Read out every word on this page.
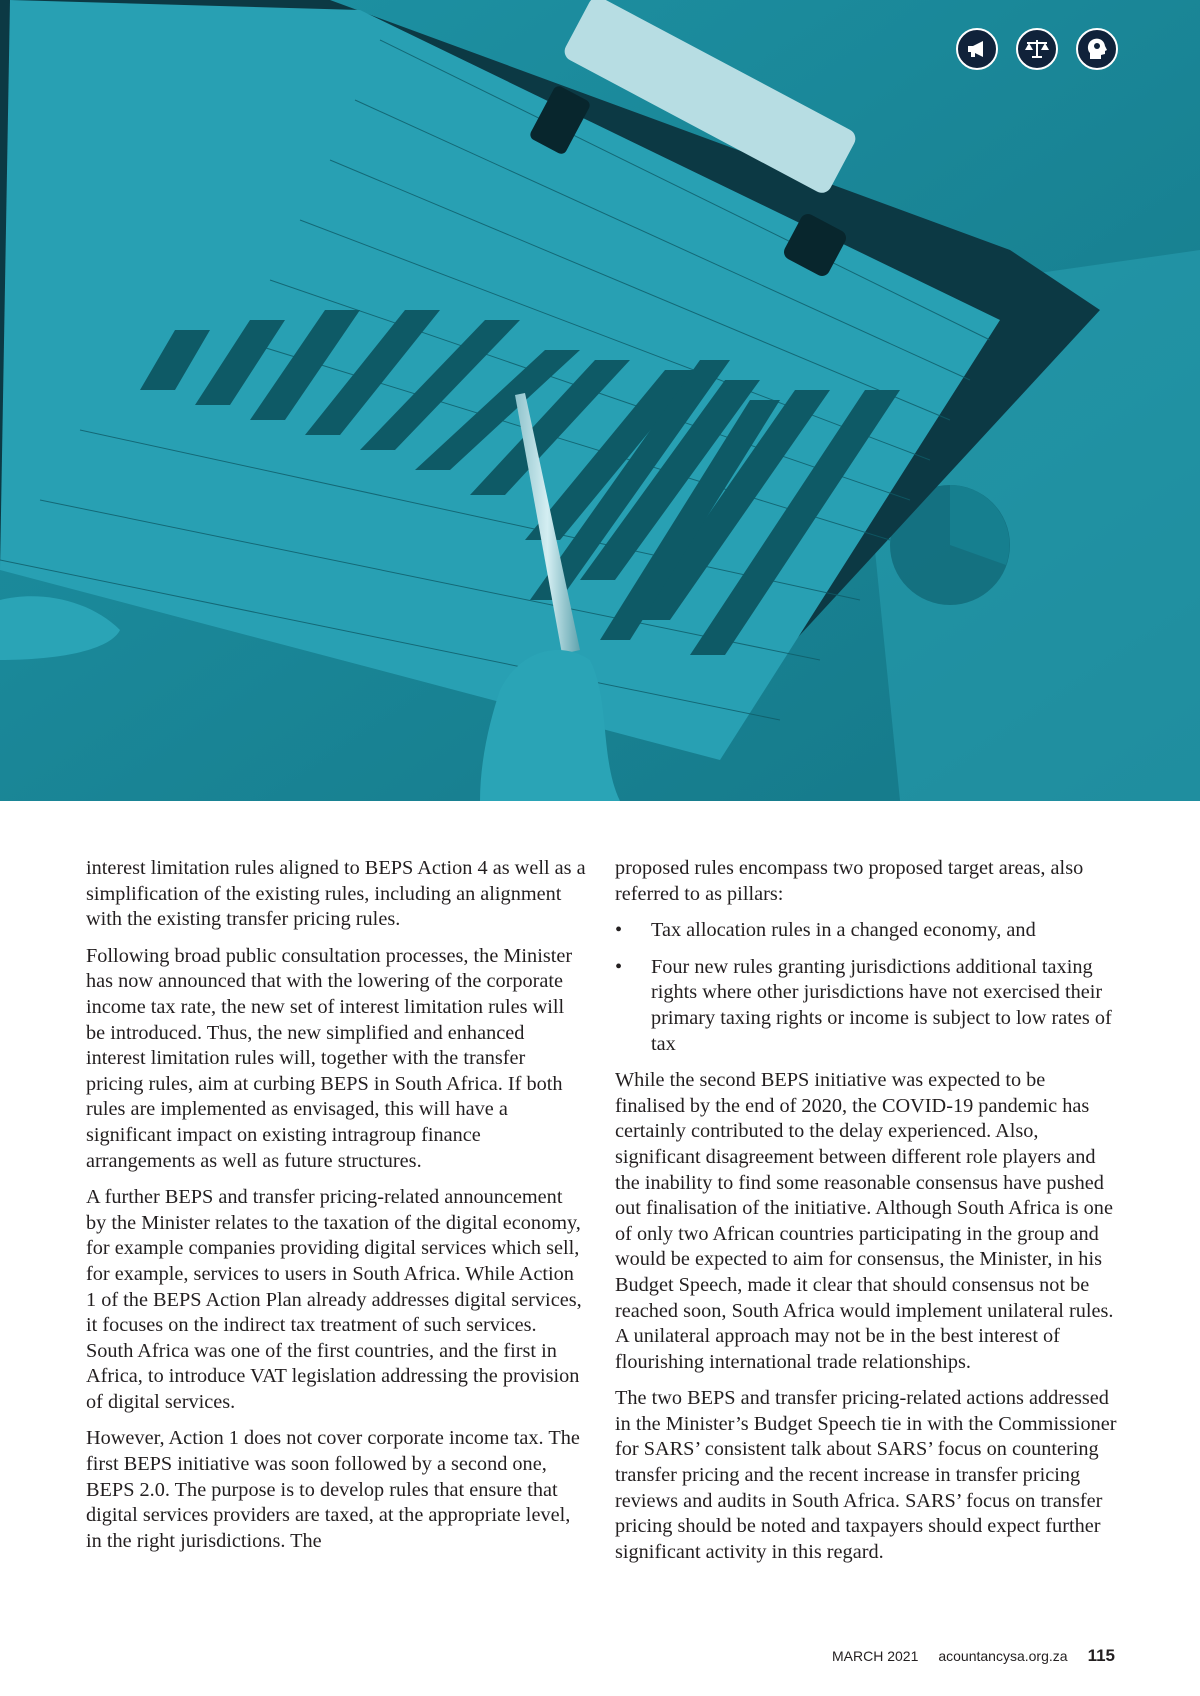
interest limitation rules aligned to BEPS Action 4 as well as a simplification of the existing rules, including an alignment with the existing transfer pricing rules.

Following broad public consultation processes, the Minister has now announced that with the lowering of the corporate income tax rate, the new set of interest limitation rules will be introduced. Thus, the new simplified and enhanced interest limitation rules will, together with the transfer pricing rules, aim at curbing BEPS in South Africa. If both rules are implemented as envisaged, this will have a significant impact on existing intragroup finance arrangements as well as future structures.

A further BEPS and transfer pricing-related announcement by the Minister relates to the taxation of the digital economy, for example companies providing digital services which sell, for example, services to users in South Africa. While Action 1 of the BEPS Action Plan already addresses digital services, it focuses on the indirect tax treatment of such services. South Africa was one of the first countries, and the first in Africa, to introduce VAT legislation addressing the provision of digital services.

However, Action 1 does not cover corporate income tax. The first BEPS initiative was soon followed by a second one, BEPS 2.0. The purpose is to develop rules that ensure that digital services providers are taxed, at the appropriate level, in the right jurisdictions. The

proposed rules encompass two proposed target areas, also referred to as pillars:

• Tax allocation rules in a changed economy, and
• Four new rules granting jurisdictions additional taxing rights where other jurisdictions have not exercised their primary taxing rights or income is subject to low rates of tax

While the second BEPS initiative was expected to be finalised by the end of 2020, the COVID-19 pandemic has certainly contributed to the delay experienced. Also, significant disagreement between different role players and the inability to find some reasonable consensus have pushed out finalisation of the initiative. Although South Africa is one of only two African countries participating in the group and would be expected to aim for consensus, the Minister, in his Budget Speech, made it clear that should consensus not be reached soon, South Africa would implement unilateral rules. A unilateral approach may not be in the best interest of flourishing international trade relationships.

The two BEPS and transfer pricing-related actions addressed in the Minister’s Budget Speech tie in with the Commissioner for SARS’ consistent talk about SARS’ focus on countering transfer pricing and the recent increase in transfer pricing reviews and audits in South Africa. SARS’ focus on transfer pricing should be noted and taxpayers should expect further significant activity in this regard.

MARCH 2021 acountancysa.org.za 115
